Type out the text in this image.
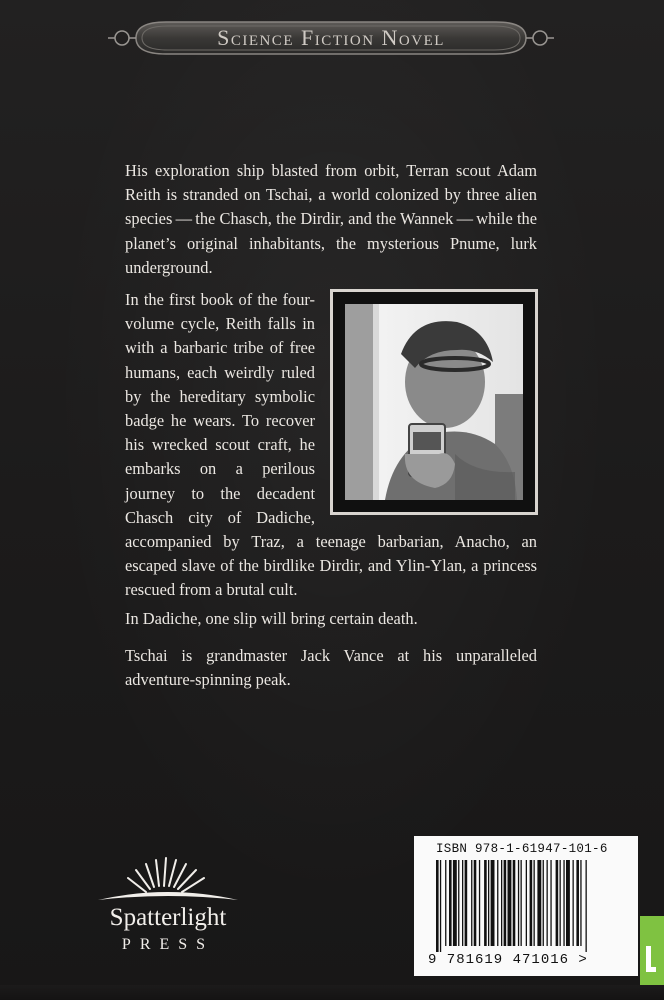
Science Fiction Novel

His exploration ship blasted from orbit, Terran scout Adam Reith is stranded on Tschai, a world colonized by three alien species — the Chasch, the Dirdir, and the Wannek — while the planet’s original inhabitants, the mysterious Pnume, lurk underground.

In the first book of the four-volume cycle, Reith falls in with a barbaric tribe of free humans, each weirdly ruled by the hereditary symbolic badge he wears. To recover his wrecked scout craft, he embarks on a perilous journey to the decadent Chasch city of Dadiche, accompanied by Traz, a teenage barbarian, Anacho, an escaped slave of the birdlike Dirdir, and Ylin-Ylan, a princess rescued from a brutal cult.

In Dadiche, one slip will bring certain death.

Tschai is grandmaster Jack Vance at his unparalleled adventure-spinning peak.

Spatterlight
PRESS
ISBN 978-1-61947-101-6
9 781619 471016 >
